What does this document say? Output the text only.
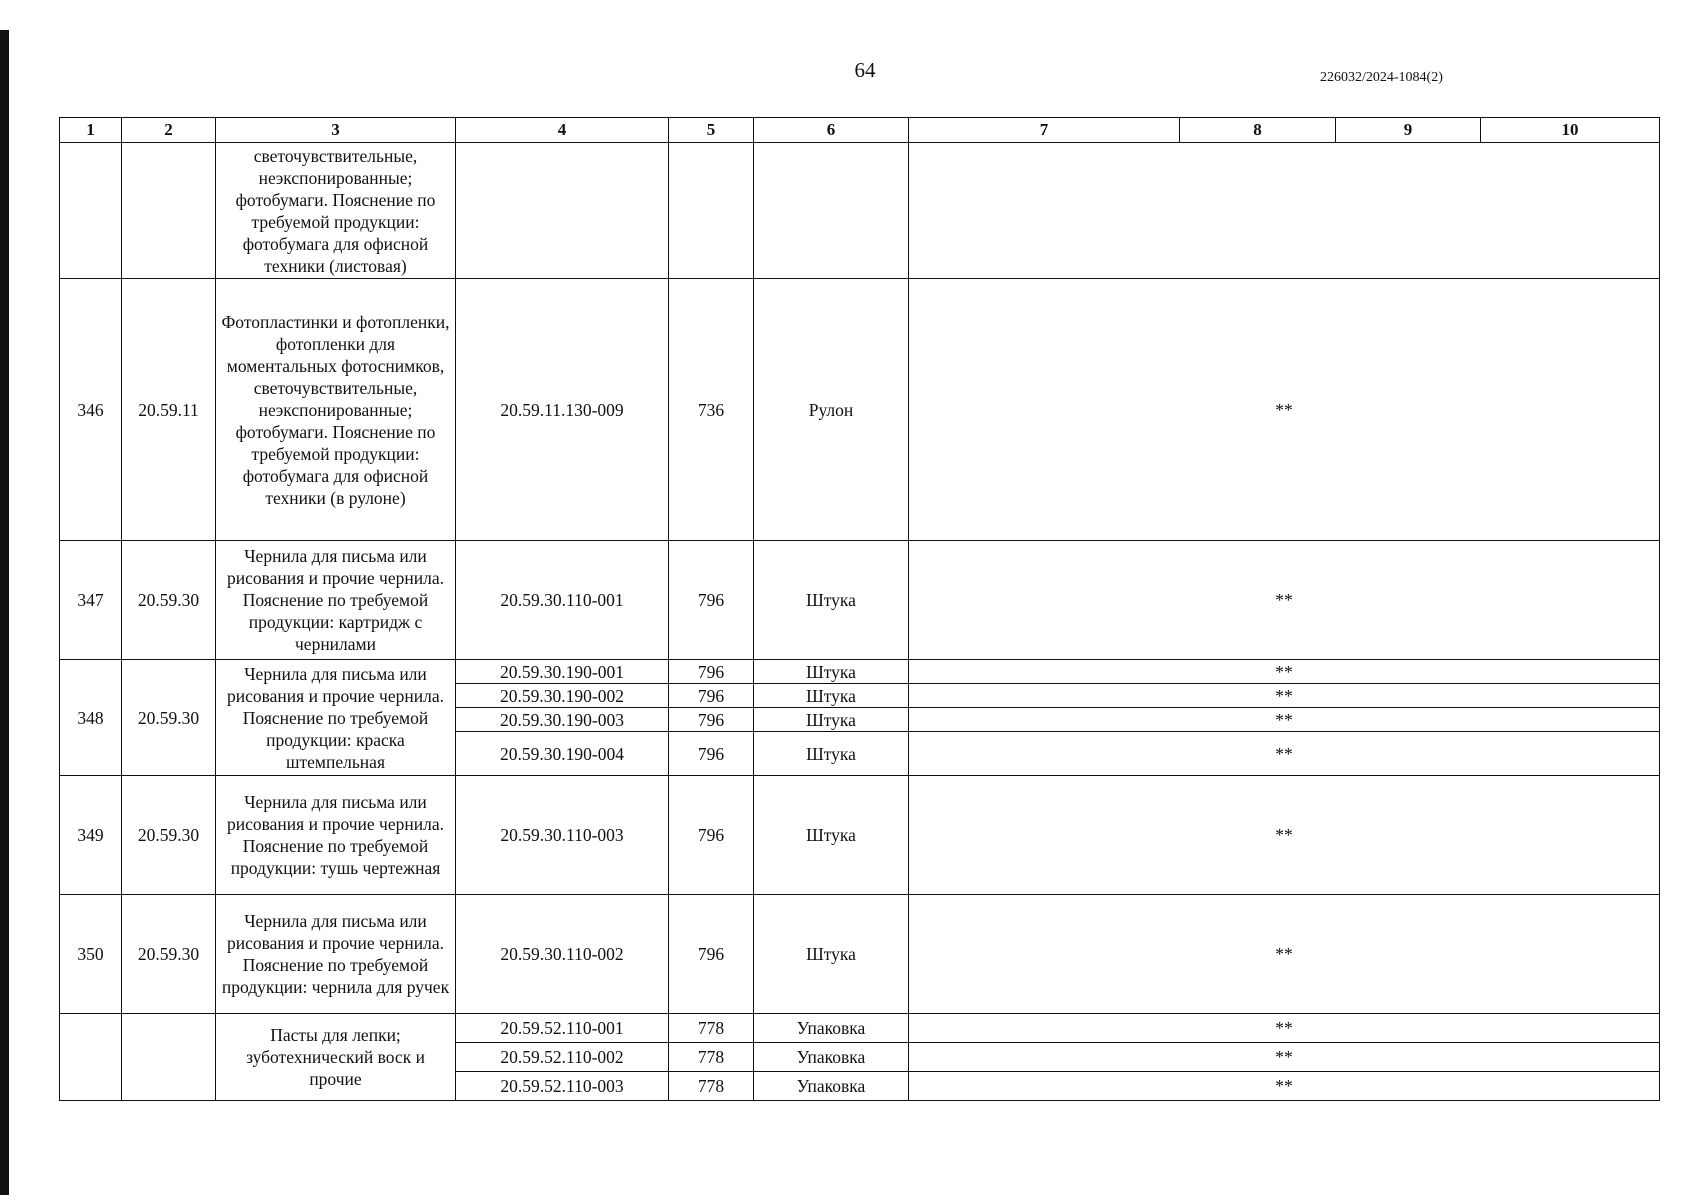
64	226032/2024-1084(2)
1	2	3	4	5	6	7	8	9	10
		светочувствительные, неэкспонированные; фотобумаги. Пояснение по требуемой продукции: фотобумага для офисной техники (листовая)							
346	20.59.11	Фотопластинки и фотопленки, фотопленки для моментальных фотоснимков, светочувствительные, неэкспонированные; фотобумаги. Пояснение по требуемой продукции: фотобумага для офисной техники (в рулоне)	20.59.11.130-009	736	Рулон	**			
347	20.59.30	Чернила для письма или рисования и прочие чернила. Пояснение по требуемой продукции: картридж с чернилами	20.59.30.110-001	796	Штука	**			
348	20.59.30	Чернила для письма или рисования и прочие чернила. Пояснение по требуемой продукции: краска штемпельная	20.59.30.190-001	796	Штука	**			
			20.59.30.190-002	796	Штука	**			
			20.59.30.190-003	796	Штука	**			
			20.59.30.190-004	796	Штука	**			
349	20.59.30	Чернила для письма или рисования и прочие чернила. Пояснение по требуемой продукции: тушь чертежная	20.59.30.110-003	796	Штука	**			
350	20.59.30	Чернила для письма или рисования и прочие чернила. Пояснение по требуемой продукции: чернила для ручек	20.59.30.110-002	796	Штука	**			
		Пасты для лепки; зуботехнический воск и прочие	20.59.52.110-001	778	Упаковка	**			
			20.59.52.110-002	778	Упаковка	**			
			20.59.52.110-003	778	Упаковка	**			
